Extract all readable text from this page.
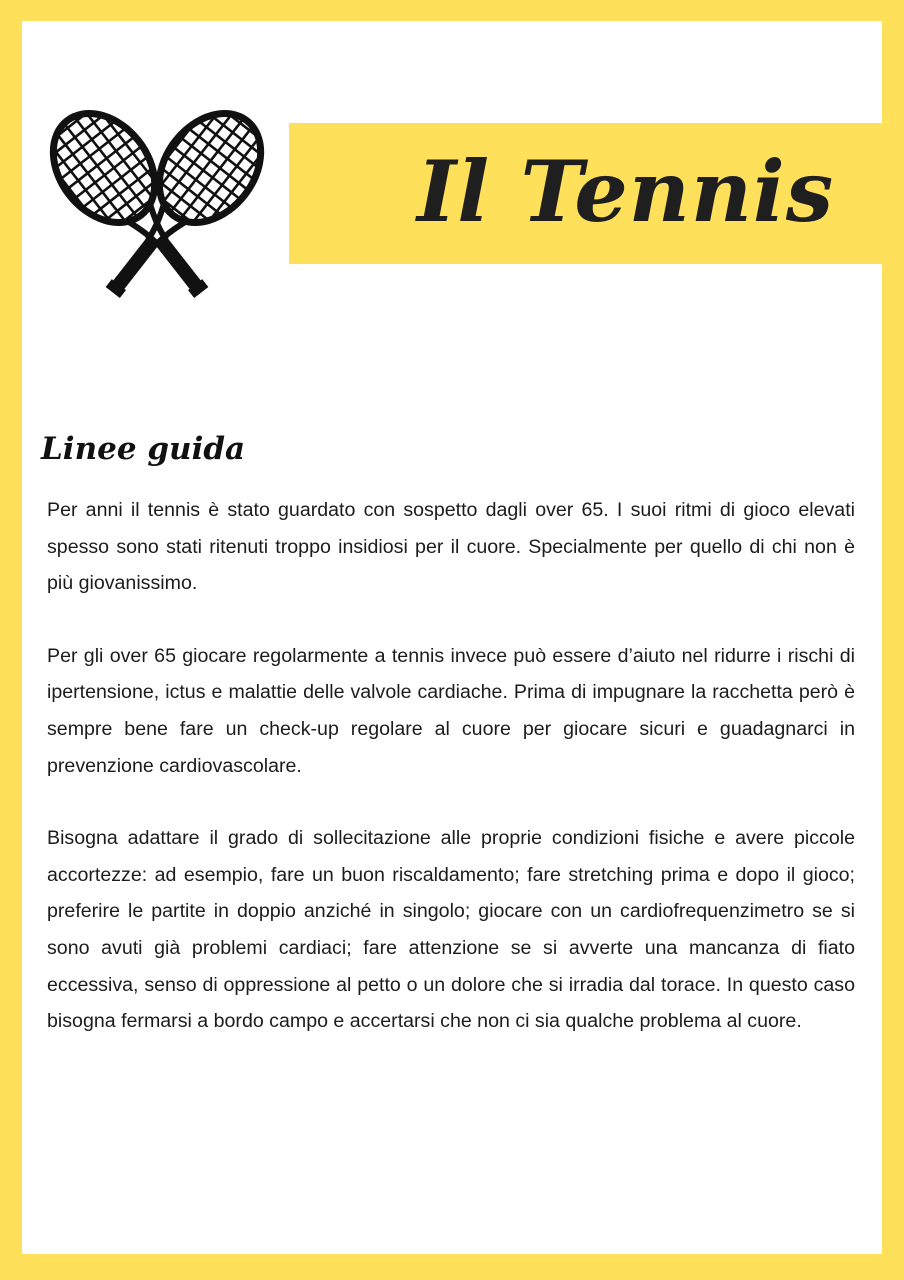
Il Tennis
Linee guida

Per anni il tennis è stato guardato con sospetto dagli over 65. I suoi ritmi di gioco elevati spesso sono stati ritenuti troppo insidiosi per il cuore. Specialmente per quello di chi non è più giovanissimo.

Per gli over 65 giocare regolarmente a tennis invece può essere d’aiuto nel ridurre i rischi di ipertensione, ictus e malattie delle valvole cardiache. Prima di impugnare la racchetta però è sempre bene fare un check-up regolare al cuore per giocare sicuri e guadagnarci in prevenzione cardiovascolare.

Bisogna adattare il grado di sollecitazione alle proprie condizioni fisiche e avere piccole accortezze: ad esempio, fare un buon riscaldamento; fare stretching prima e dopo il gioco; preferire le partite in doppio anziché in singolo; giocare con un cardiofrequenzimetro se si sono avuti già problemi cardiaci; fare attenzione se si avverte una mancanza di fiato eccessiva, senso di oppressione al petto o un dolore che si irradia dal torace. In questo caso bisogna fermarsi a bordo campo e accertarsi che non ci sia qualche problema al cuore.
